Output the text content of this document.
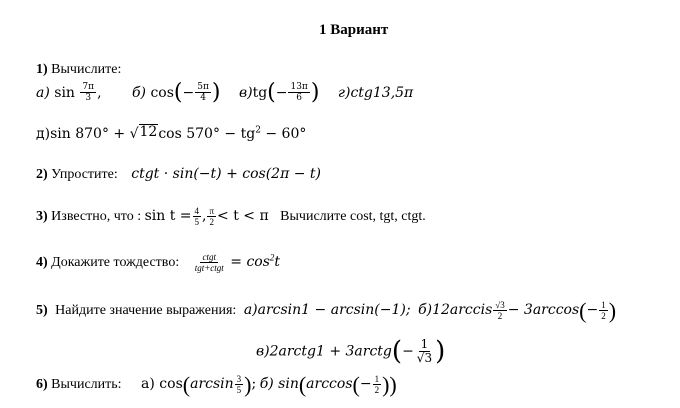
1 Вариант
1) Вычислите:
а) $\sin \frac{7\pi}{3}$ , б) $\cos(- \frac{5\pi}{4}$ ) $в)tg(- \frac{13\pi}{6}$ ) г)ctg13,5π
д)sin 870° + √ 12 $\cos 570^\circ - tg^2 - 60^\circ$
2) Упростите: ctgt · sin(−t) + cos(2π − t)
3) Известно, что : $\sin t = \frac{4}{5}$ , $\frac{\pi}{2} < t < \pi$ Вычислите cost, tgt, ctgt.
4) Докажите тождество: $\frac{\text{ctgt}}{\text{tgt+ctgt}} = \cos^2t$
5) Найдите значение выражения: а)arcsin1 − arcsin(−1); б)12arccis $\frac{√3}{2} - 3\arccos(- \frac{1}{2}$ )
в)2arctg1 + 3arctg(− $\frac{1}{√3}$ )
6) Вычислить: а) $\cos(\arcsin \frac{3}{5}$ ); б) $\sin(\arccos(- \frac{1}{2}$ ))
